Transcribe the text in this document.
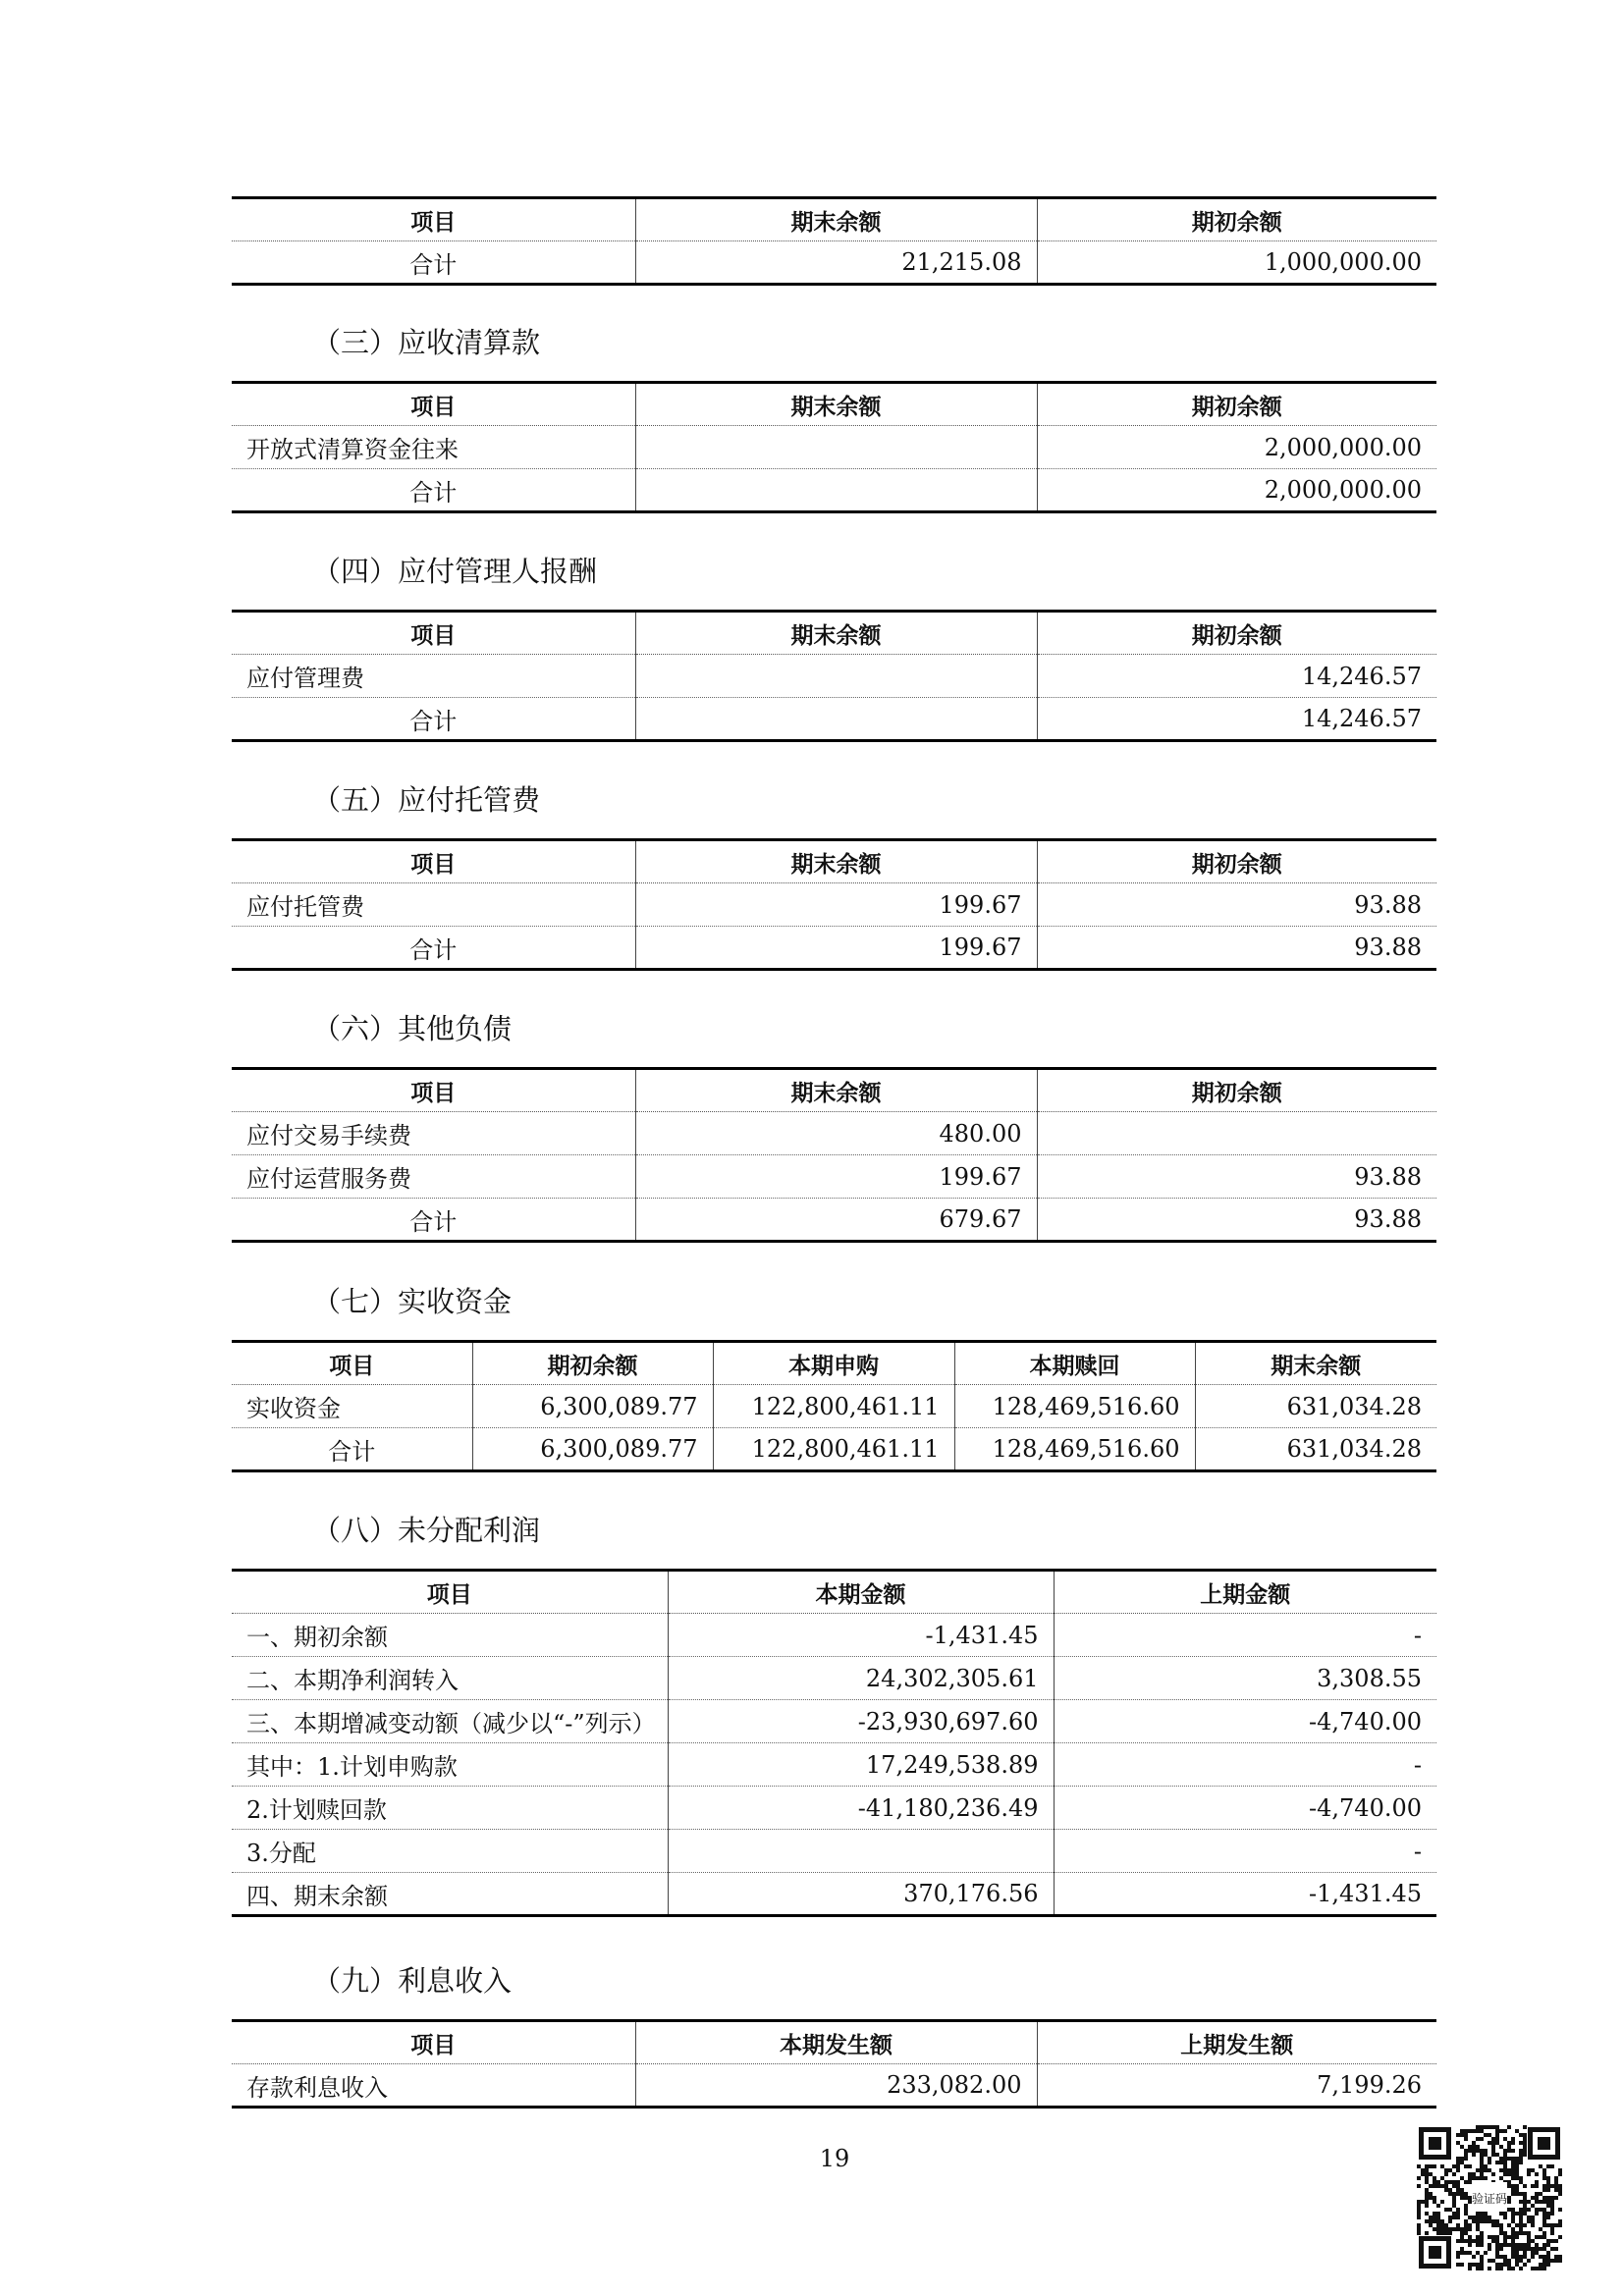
项目	期末余额	期初余额
合计	21,215.08	1,000,000.00
（三）应收清算款
项目	期末余额	期初余额
开放式清算资金往来		2,000,000.00
合计		2,000,000.00
（四）应付管理人报酬
项目	期末余额	期初余额
应付管理费		14,246.57
合计		14,246.57
（五）应付托管费
项目	期末余额	期初余额
应付托管费	199.67	93.88
合计	199.67	93.88
（六）其他负债
项目	期末余额	期初余额
应付交易手续费	480.00	
应付运营服务费	199.67	93.88
合计	679.67	93.88
（七）实收资金
项目	期初余额	本期申购	本期赎回	期末余额
实收资金	6,300,089.77	122,800,461.11	128,469,516.60	631,034.28
合计	6,300,089.77	122,800,461.11	128,469,516.60	631,034.28
（八）未分配利润
项目	本期金额	上期金额
一、期初余额	-1,431.45	-
二、本期净利润转入	24,302,305.61	3,308.55
三、本期增减变动额（减少以“-”列示）	-23,930,697.60	-4,740.00
其中：1.计划申购款	17,249,538.89	-
2.计划赎回款	-41,180,236.49	-4,740.00
3.分配		-
四、期末余额	370,176.56	-1,431.45
（九）利息收入
项目	本期发生额	上期发生额
存款利息收入	233,082.00	7,199.26
19
验证码
